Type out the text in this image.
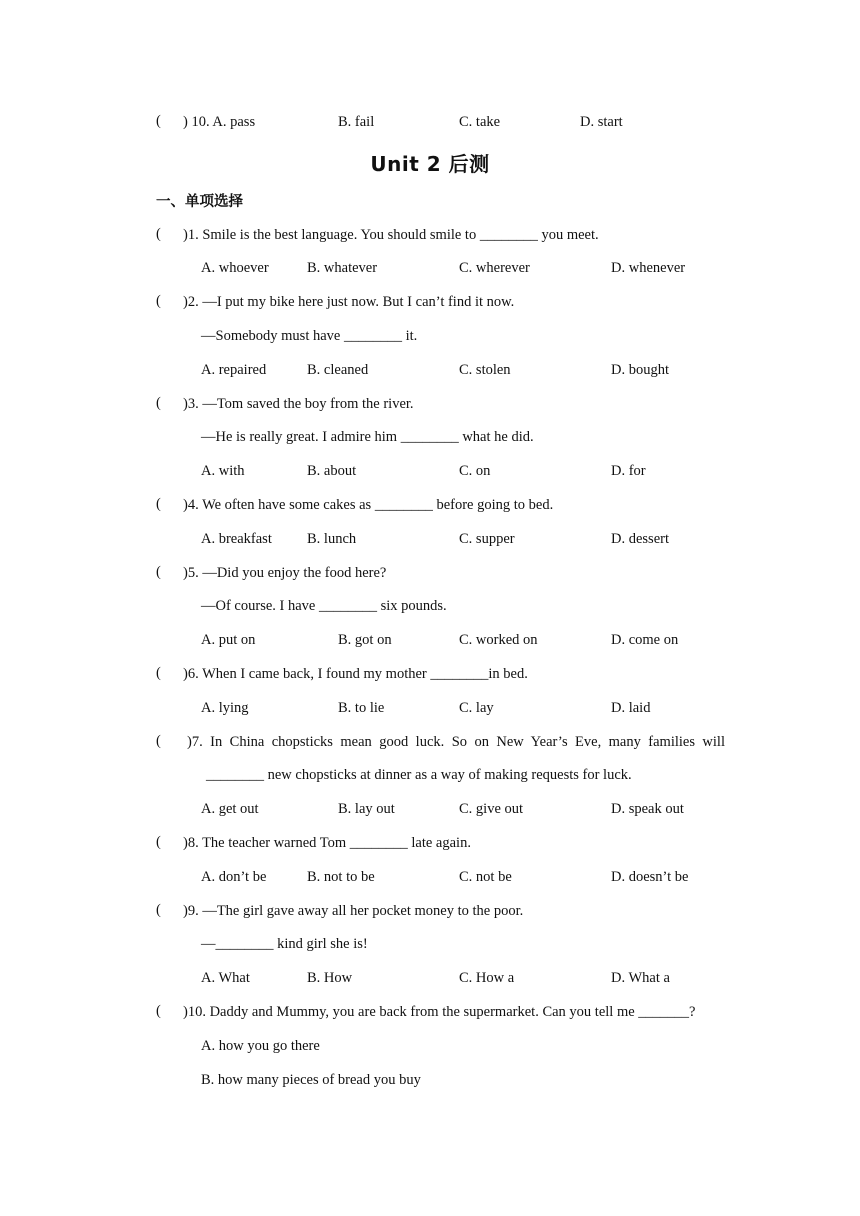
( ) 10. A. pass	B. fail	C. take	D. start
Unit 2 后测
一、单项选择
( )1. Smile is the best language. You should smile to ________ you meet.
A. whoever	B. whatever	C. wherever	D. whenever
( )2. —I put my bike here just now. But I can’t find it now.
—Somebody must have ________ it.
A. repaired	B. cleaned	C. stolen	D. bought
( )3. —Tom saved the boy from the river.
—He is really great. I admire him ________ what he did.
A. with	B. about	C. on	D. for
( )4. We often have some cakes as ________ before going to bed.
A. breakfast B. lunch	C. supper	D. dessert
( )5. —Did you enjoy the food here?
—Of course. I have ________ six pounds.
A. put on	B. got on	C. worked on	D. come on
( )6. When I came back, I found my mother ________in bed.
A. lying	B. to lie	C. lay	D. laid
( )7. In China chopsticks mean good luck. So on New Year’s Eve, many families will
________ new chopsticks at dinner as a way of making requests for luck.
A. get out	B. lay out	C. give out	D. speak out
( )8. The teacher warned Tom ________ late again.
A. don’t be	B. not to be	C. not be	D. doesn’t be
( )9. —The girl gave away all her pocket money to the poor.
—________ kind girl she is!
A. What	B. How	C. How a	D. What a
( )10. Daddy and Mummy, you are back from the supermarket. Can you tell me _______?
A. how you go there
B. how many pieces of bread you buy
